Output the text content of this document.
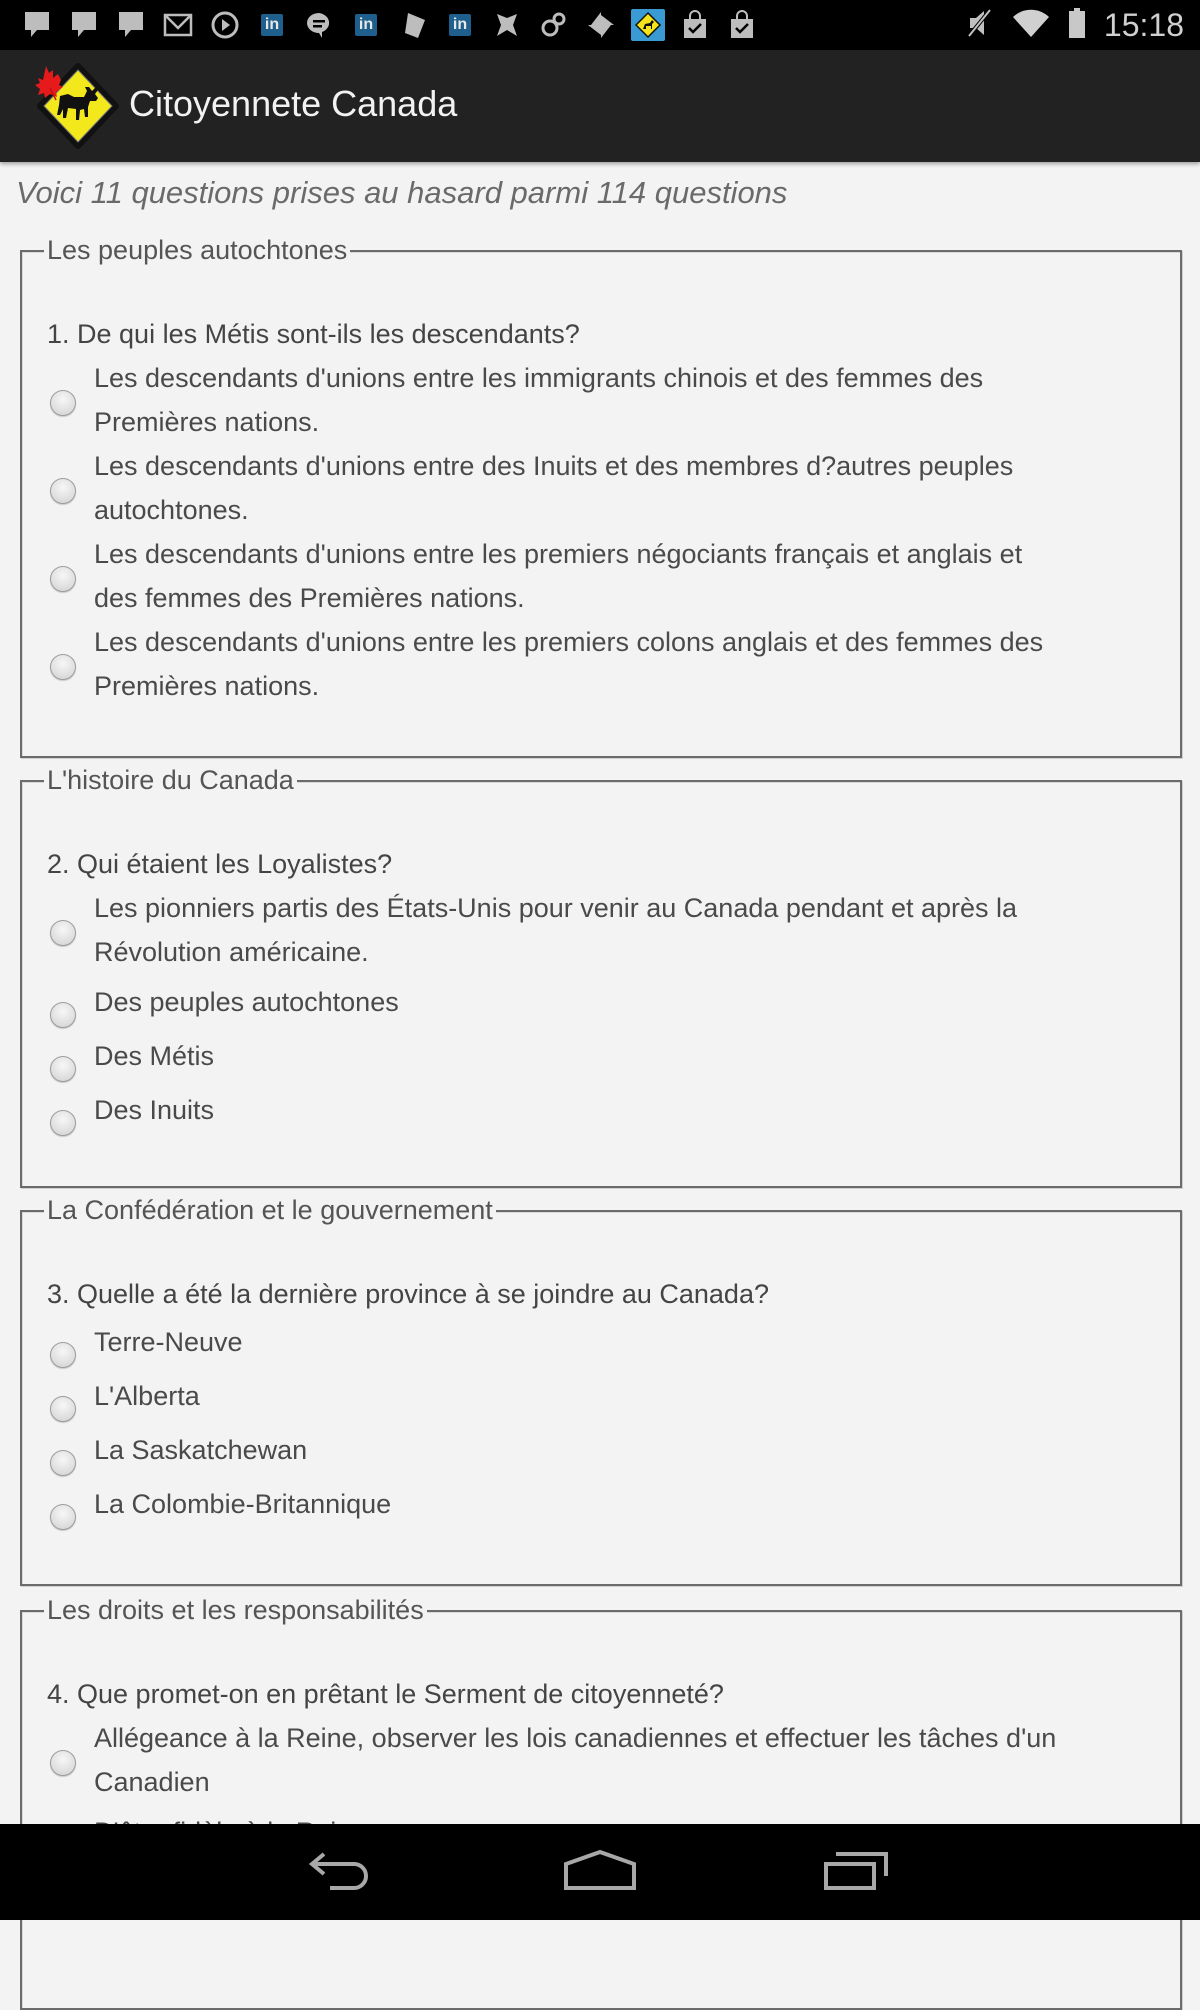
in	in	in	15:18
Citoyennete Canada
Voici 11 questions prises au hasard parmi 114 questions
Les peuples autochtones
1. De qui les Métis sont-ils les descendants?
Les descendants d'unions entre les immigrants chinois et des femmes des
Premières nations.
Les descendants d'unions entre des Inuits et des membres d?autres peuples
autochtones.
Les descendants d'unions entre les premiers négociants français et anglais et
des femmes des Premières nations.
Les descendants d'unions entre les premiers colons anglais et des femmes des
Premières nations.
L'histoire du Canada
2. Qui étaient les Loyalistes?
Les pionniers partis des États-Unis pour venir au Canada pendant et après la
Révolution américaine.
Des peuples autochtones
Des Métis
Des Inuits
La Confédération et le gouvernement
3. Quelle a été la dernière province à se joindre au Canada?
Terre-Neuve
L'Alberta
La Saskatchewan
La Colombie-Britannique
Les droits et les responsabilités
4. Que promet-on en prêtant le Serment de citoyenneté?
Allégeance à la Reine, observer les lois canadiennes et effectuer les tâches d'un
Canadien
